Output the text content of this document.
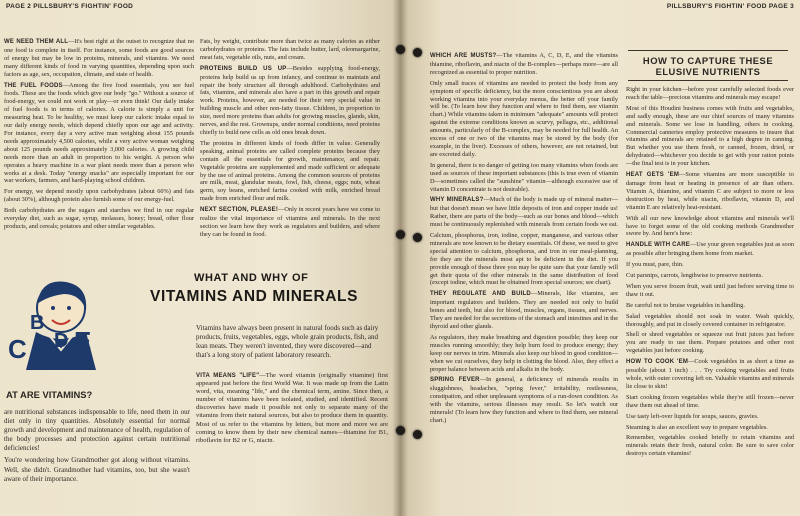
PAGE 2 PILLSBURY'S FIGHTIN' FOOD

WE NEED THEM ALL—It's best right at the outset to recognize that no one food is complete in itself. For instance, some foods are good sources of energy but may be low in proteins, minerals, and vitamins. We need many different kinds of food in varying quantities, depending upon such factors as age, sex, occupation, climate, and state of health.

THE FUEL FOODS—Among the five food essentials, you see fuel foods. These are the foods which give our body "go." Without a source of food-energy, we could not work or play—or even think! Our daily intake of fuel foods is in terms of calories. A calorie is simply a unit for measuring heat. To be healthy, we must keep our caloric intake equal to our daily energy needs, which depend chiefly upon our age and activity. For instance, every day a very active man weighing about 155 pounds needs approximately 4,500 calories, while a very active woman weighing about 125 pounds needs approximately 3,000 calories. A growing child needs more than an adult in proportion to his weight. A person who operates a heavy machine in a war plant needs more than a person who works at a desk. Today "energy snacks" are especially important for our war workers, farmers, and hard-playing school children.

For energy, we depend mostly upon carbohydrates (about 60%) and fats (about 30%), although protein also furnish some of our energy-fuel.

Both carbohydrates are the sugars and starches we find in our regular everyday diet, such as sugar, syrup, molasses, honey; bread, other flour products, and cereals; potatoes and other similar vegetables.

Fats, by weight, contribute more than twice as many calories as either carbohydrates or proteins. The fats include butter, lard, oleomargarine, meat fats, vegetable oils, nuts, and cream.

PROTEINS BUILD US UP—Besides supplying food-energy, proteins help build us up from infancy, and continue to maintain and repair the body structure all through adulthood. Carbohydrates and fats, vitamins, and minerals also have a part in this growth and repair work. Proteins, however, are needed for their very special value in building muscle and other non-fatty tissue. Children, in proportion to size, need more proteins than adults for growing muscles, glands, skin, nerves, and the rest. Grownups, under normal conditions, need proteins chiefly to build new cells as old ones break down.

The proteins in different kinds of foods differ in value. Generally speaking, animal proteins are called complete proteins because they contain all the essentials for growth, maintenance, and repair. Vegetable proteins are supplemented and made sufficient or adequate by the use of animal proteins. Among the common sources of proteins are milk, meat, glandular meats, fowl, fish, cheese, eggs; nuts, wheat germ, soy beans, enriched farina cooked with milk, enriched bread made from enriched flour and milk.

NEXT SECTION, PLEASE!—Only in recent years have we come to realize the vital importance of vitamins and minerals. In the next section we learn how they work as regulators and builders, and where they can be found in food.

B
D
C E
WHAT AND WHY OF
VITAMINS AND MINERALS
Vitamins have always been present in natural foods such as dairy products, fruits, vegetables, eggs, whole grain products, fish, and lean meats. They weren't invented, they were discovered—and that's a long story of patient laboratory research.
VITA MEANS "LIFE"—The word vitamin (originally vitamine) first appeared just before the first World War. It was made up from the Latin word, vita, meaning "life," and the chemical term, amine. Since then, a number of vitamins have been isolated, studied, and identified. Recent discoveries have made it possible not only to separate many of the vitamins from their natural sources, but also to produce them in quantity. Most of us refer to the vitamins by letters, but more and more we are coming to know them by their new chemical names—thiamine for B1, riboflavin for B2 or G, niacin.
AT ARE VITAMINS?

are nutritional substances indispensable to life, need them in our diet only in tiny quantities. Absolutely essential for normal growth and development and maintenance of health, regulation of the body processes and protection against certain nutritional deficiencies!

You're wondering how Grandmother got along without vitamins. Well, she didn't. Grandmother had vitamins, too, but she wasn't aware of their importance.

PILLSBURY'S FIGHTIN' FOOD PAGE 3

WHICH ARE MUSTS?—The vitamins A, C, D, E, and the vitamins thiamine, riboflavin, and niacin of the B-complex—perhaps more—are all recognized as essential to proper nutrition.

Only small traces of vitamins are needed to protect the body from any symptom of specific deficiency, but the more conscientious you are about working vitamins into your everyday menus, the better off your family will be. (To learn how they function and where to find them, see vitamin chart.) While vitamins taken in minimum "adequate" amounts will protect against the extreme conditions known as scurvy, pellagra, etc., additional amounts, particularly of the B-complex, may be needed for full health. An excess of one or two of the vitamins may be stored by the body (for example, in the liver). Excesses of others, however, are not retained, but are excreted daily.

In general, there is no danger of getting too many vitamins when foods are used as sources of these important substances (this is true even of vitamin D—sometimes called the "sunshine" vitamin—although excessive use of vitamin D concentrate is not desirable).

WHY MINERALS?—Much of the body is made up of mineral matter—but that doesn't mean we have little deposits of iron and copper inside us! Rather, there are parts of the body—such as our bones and blood—which must be continuously replenished with minerals from certain foods we eat.

Calcium, phosphorus, iron, iodine, copper, manganese, and various other minerals are now known to be dietary essentials. Of these, we need to give special attention to calcium, phosphorus, and iron in our meal-planning, for they are the minerals most apt to be deficient in the diet. If you provide enough of these three you may be quite sure that your family will get their quota of the other minerals in the same distribution of food (except iodine, which must be obtained from special sources; see chart).

THEY REGULATE AND BUILD—Minerals, like vitamins, are important regulators and builders. They are needed not only to build bones and teeth, but also for blood, muscles, organs, tissues, and nerves. They are needed for the secretions of the stomach and intestines and in the thyroid and other glands.

As regulators, they make breathing and digestion possible; they keep our muscles running smoothly; they help burn food to produce energy; they keep our nerves in trim. Minerals also keep our blood in good condition—when we cut ourselves, they help in clotting the blood. Also, they effect a proper balance between acids and alkalis in the body.

SPRING FEVER—In general, a deficiency of minerals results in sluggishness, headaches, "spring fever," irritability, restlessness, constipation, and other unpleasant symptoms of a run-down condition. As with the vitamins, serious illnesses may result. So let's watch our minerals! (To learn how they function and where to find them, see mineral chart.)

HOW TO CAPTURE THESE ELUSIVE NUTRIENTS

Right in your kitchen—before your carefully selected foods ever reach the table—precious vitamins and minerals may escape!

Most of this Houdini business comes with fruits and vegetables, and sadly enough, these are our chief sources of many vitamins and minerals. Some we lose in handling, others in cooking. Commercial canneries employ protective measures to insure that vitamins and minerals are retained to a high degree in canning. But whether you use them fresh, or canned, frozen, dried, or dehydrated—whichever you decide to get with your ration points—the final test is in your kitchen.

HEAT GETS 'EM—Some vitamins are more susceptible to damage from heat or heating in presence of air than others. Vitamin A, thiamine, and vitamin C are subject to more or less destruction by heat, while niacin, riboflavin, vitamin D, and vitamin E are relatively heat-resistant.

With all our new knowledge about vitamins and minerals we'll have to forget some of the old cooking methods Grandmother swore by. And here's how:

HANDLE WITH CARE—Use your green vegetables just as soon as possible after bringing them home from market.

If you must, pare, thin.

Cut parsnips, carrots, lengthwise to preserve nutrients.

When you serve frozen fruit, wait until just before serving time to thaw it out.

Be careful not to bruise vegetables in handling.

Salad vegetables should not soak in water. Wash quickly, thoroughly, and put in closely covered container in refrigerator.

Shell or shred vegetables or squeeze out fruit juices just before you are ready to use them. Prepare potatoes and other root vegetables just before cooking.

HOW TO COOK 'EM—Cook vegetables in as short a time as possible (about 1 inch) . . . Try cooking vegetables and fruits whole, with outer covering left on. Valuable vitamins and minerals lie close to skin!

Start cooking frozen vegetables while they're still frozen—never thaw them out ahead of time.

Use tasty left-over liquids for soups, sauces, gravies.

Steaming is also an excellent way to prepare vegetables.

Remember, vegetables cooked briefly to retain vitamins and minerals retain their fresh, natural color. Be sure to save color destroys certain vitamins!
